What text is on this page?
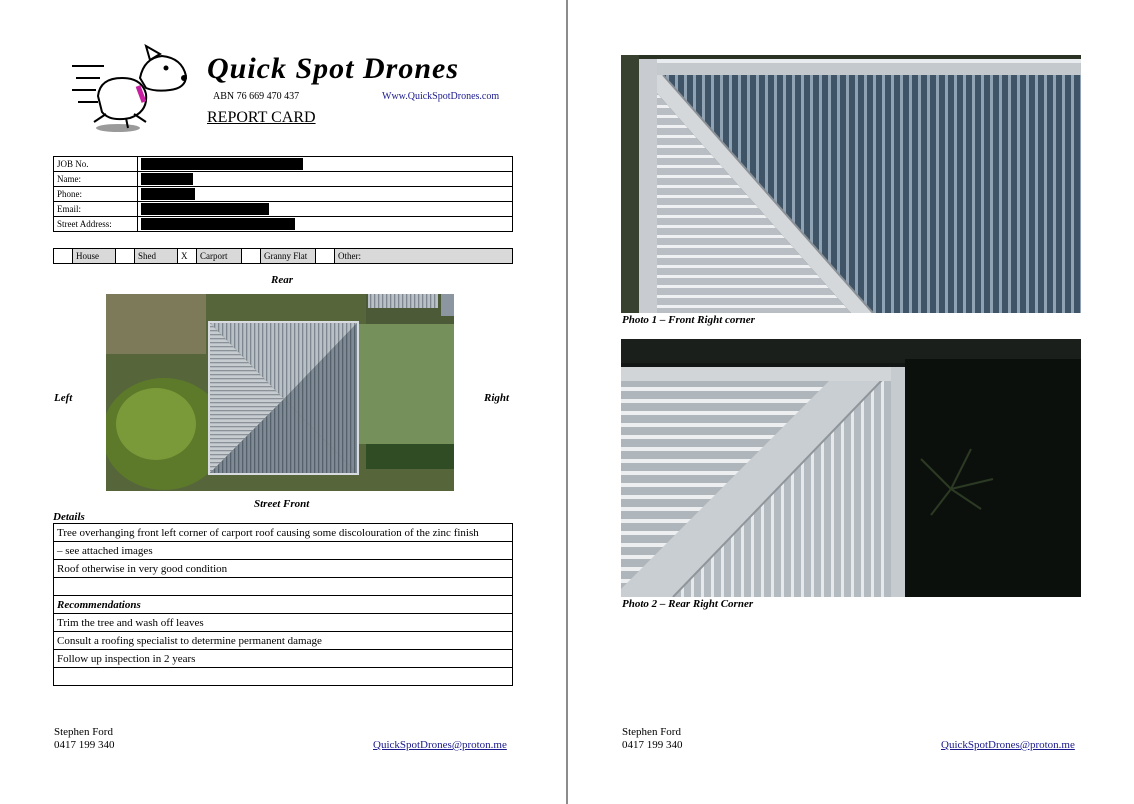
Quick Spot Drones
ABN 76 669 470 437	Www.QuickSpotDrones.com
REPORT CARD
JOB No.	
Name:	
Phone:	
Email:	
Street Address:	
	House		Shed	X	Carport		Granny Flat		Other:
Rear
Left	Right
Street Front
Details
Tree overhanging front left corner of carport roof causing some discolouration of the zinc finish
– see attached images
Roof otherwise in very good condition

Recommendations
Trim the tree and wash off leaves
Consult a roofing specialist to determine permanent damage
Follow up inspection in 2 years

Stephen Ford
0417 199 340	QuickSpotDrones@proton.me
Photo 1 – Front Right corner
Photo 2 – Rear Right Corner
Stephen Ford
0417 199 340	QuickSpotDrones@proton.me
